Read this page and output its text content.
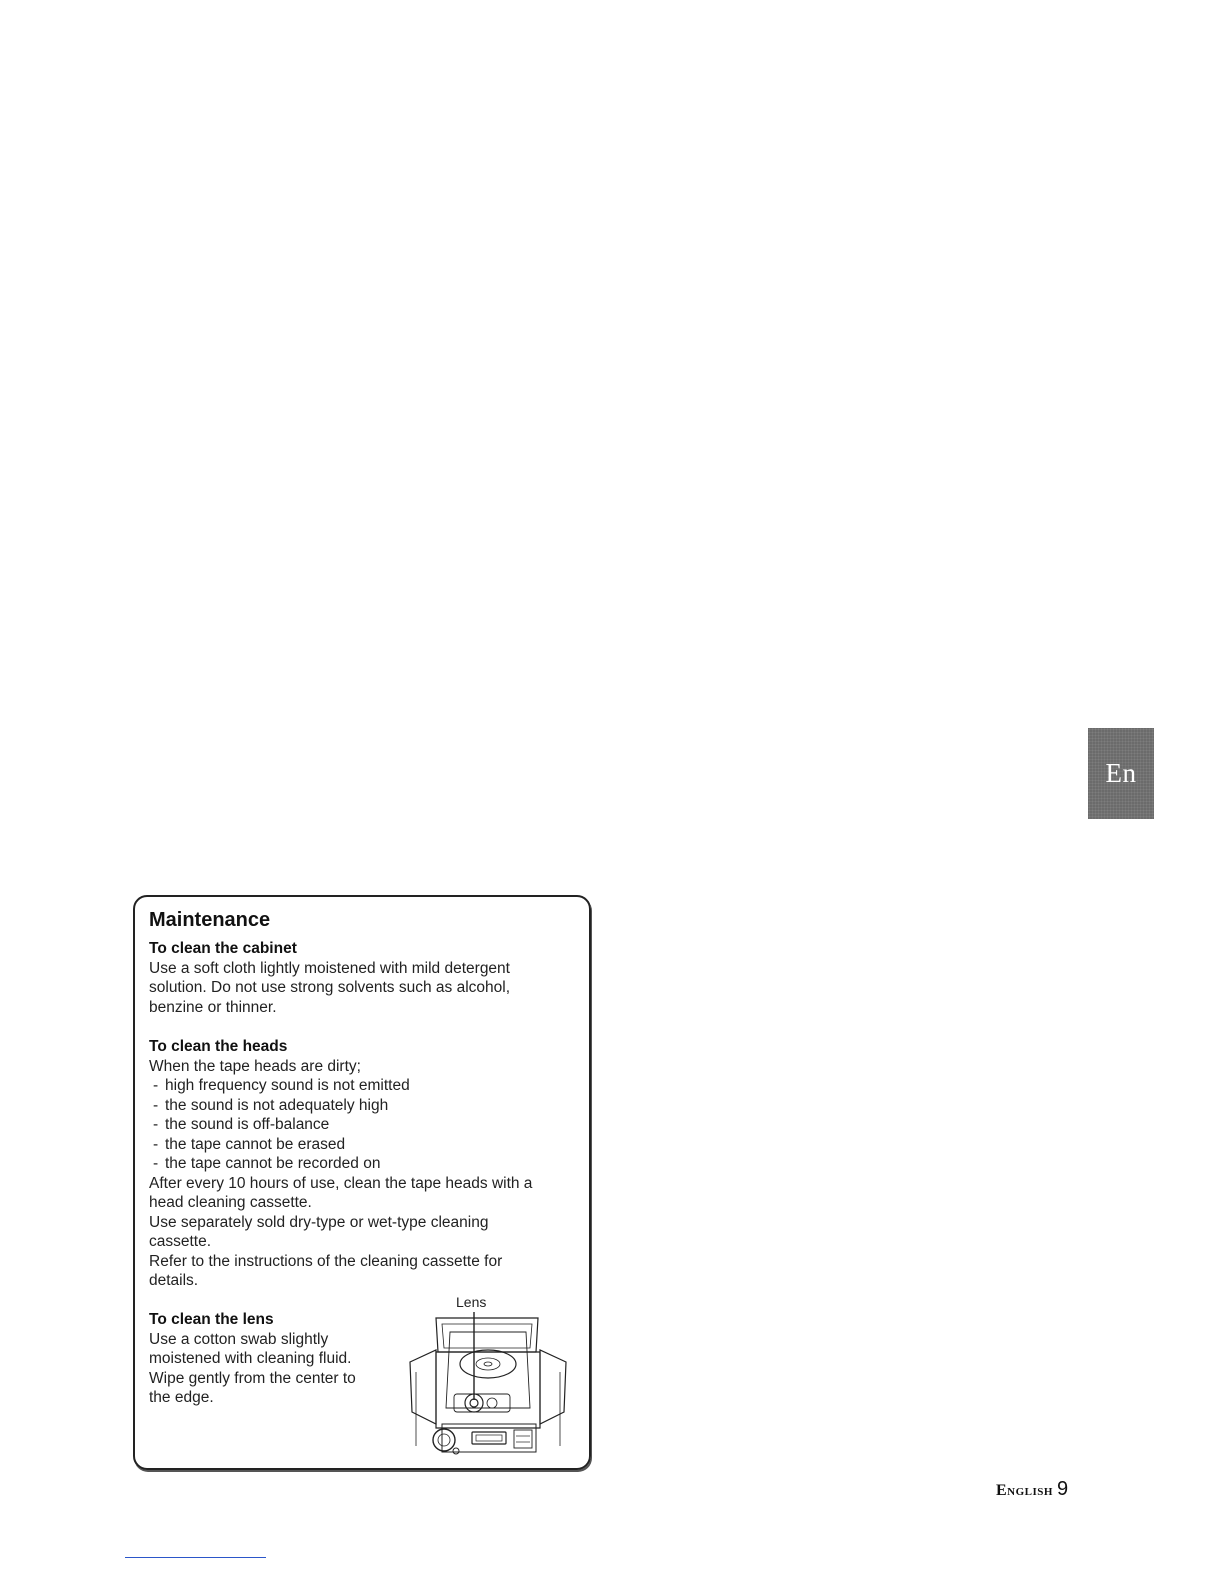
En
Maintenance
To clean the cabinet

Use a soft cloth lightly moistened with mild detergent

solution. Do not use strong solvents such as alcohol,

benzine or thinner.

To clean the heads

When the tape heads are dirty;

- high frequency sound is not emitted
- the sound is not adequately high
- the sound is off-balance
- the tape cannot be erased
- the tape cannot be recorded on

After every 10 hours of use, clean the tape heads with a

head cleaning cassette.

Use separately sold dry-type or wet-type cleaning

cassette.

Refer to the instructions of the cleaning cassette for

details.

To clean the lens

Use a cotton swab slightly

moistened with cleaning fluid.

Wipe gently from the center to

the edge.

Lens
English 9
